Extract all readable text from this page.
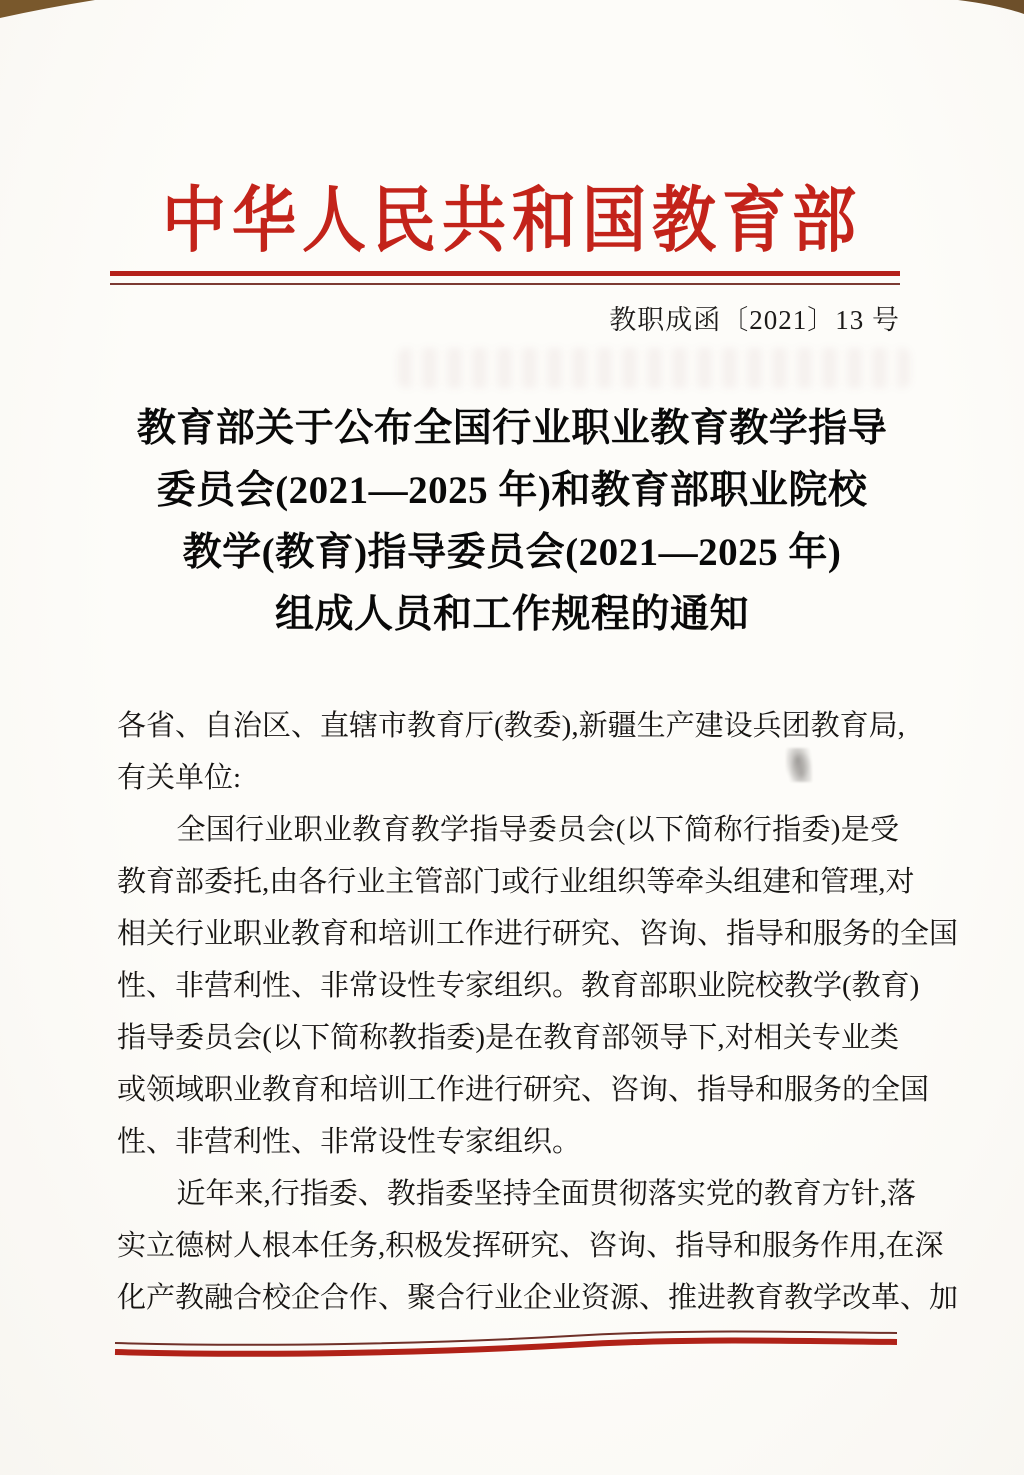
中华人民共和国教育部
教职成函〔2021〕13 号
教育部关于公布全国行业职业教育教学指导
委员会(2021—2025 年)和教育部职业院校
教学(教育)指导委员会(2021—2025 年)
组成人员和工作规程的通知
各省、自治区、直辖市教育厅(教委),新疆生产建设兵团教育局,
有关单位:
全国行业职业教育教学指导委员会(以下简称行指委)是受
教育部委托,由各行业主管部门或行业组织等牵头组建和管理,对
相关行业职业教育和培训工作进行研究、咨询、指导和服务的全国
性、非营利性、非常设性专家组织。教育部职业院校教学(教育)
指导委员会(以下简称教指委)是在教育部领导下,对相关专业类
或领域职业教育和培训工作进行研究、咨询、指导和服务的全国
性、非营利性、非常设性专家组织。
近年来,行指委、教指委坚持全面贯彻落实党的教育方针,落
实立德树人根本任务,积极发挥研究、咨询、指导和服务作用,在深
化产教融合校企合作、聚合行业企业资源、推进教育教学改革、加
